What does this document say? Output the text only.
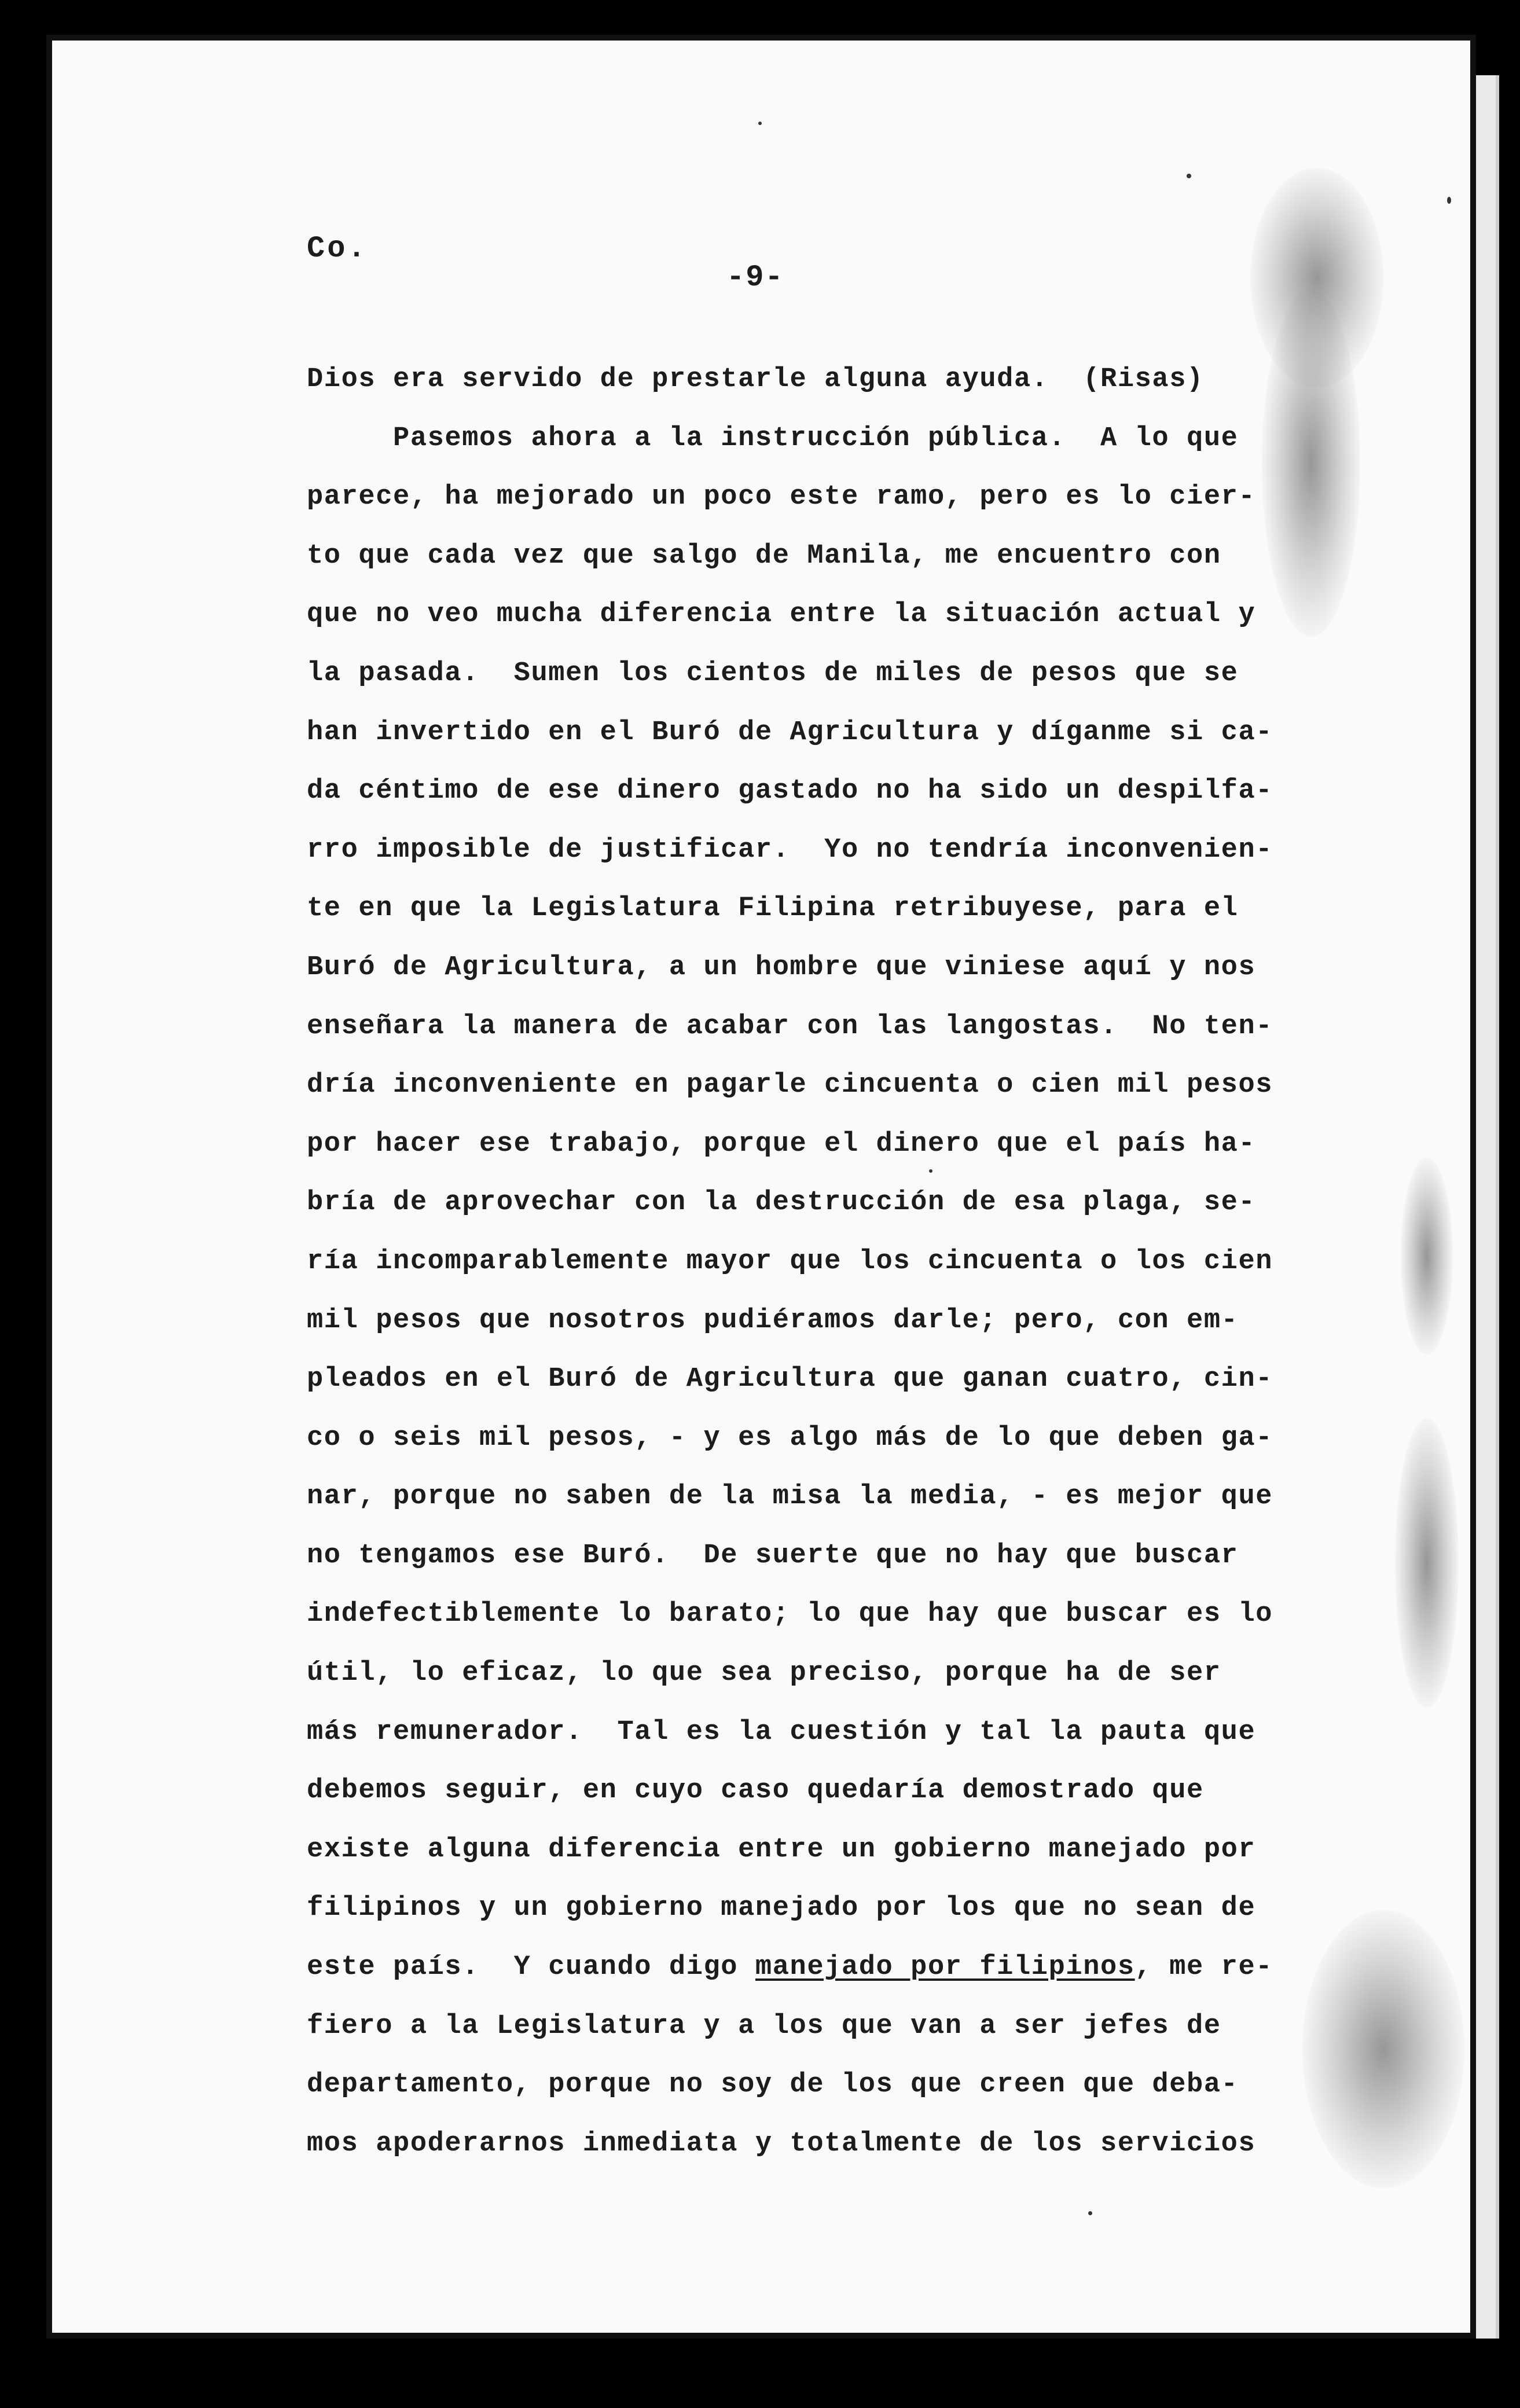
Co.
-9-
Dios era servido de prestarle alguna ayuda.  (Risas)
Pasemos ahora a la instrucción pública.  A lo que
parece, ha mejorado un poco este ramo, pero es lo cier-
to que cada vez que salgo de Manila, me encuentro con
que no veo mucha diferencia entre la situación actual y
la pasada.  Sumen los cientos de miles de pesos que se
han invertido en el Buró de Agricultura y díganme si ca-
da céntimo de ese dinero gastado no ha sido un despilfa-
rro imposible de justificar.  Yo no tendría inconvenien-
te en que la Legislatura Filipina retribuyese, para el
Buró de Agricultura, a un hombre que viniese aquí y nos
enseñara la manera de acabar con las langostas.  No ten-
dría inconveniente en pagarle cincuenta o cien mil pesos
por hacer ese trabajo, porque el dinero que el país ha-
bría de aprovechar con la destrucción de esa plaga, se-
ría incomparablemente mayor que los cincuenta o los cien
mil pesos que nosotros pudiéramos darle; pero, con em-
pleados en el Buró de Agricultura que ganan cuatro, cin-
co o seis mil pesos, - y es algo más de lo que deben ga-
nar, porque no saben de la misa la media, - es mejor que
no tengamos ese Buró.  De suerte que no hay que buscar
indefectiblemente lo barato; lo que hay que buscar es lo
útil, lo eficaz, lo que sea preciso, porque ha de ser
más remunerador.  Tal es la cuestión y tal la pauta que
debemos seguir, en cuyo caso quedaría demostrado que
existe alguna diferencia entre un gobierno manejado por
filipinos y un gobierno manejado por los que no sean de
este país.  Y cuando digo manejado por filipinos, me re-
fiero a la Legislatura y a los que van a ser jefes de
departamento, porque no soy de los que creen que deba-
mos apoderarnos inmediata y totalmente de los servicios
